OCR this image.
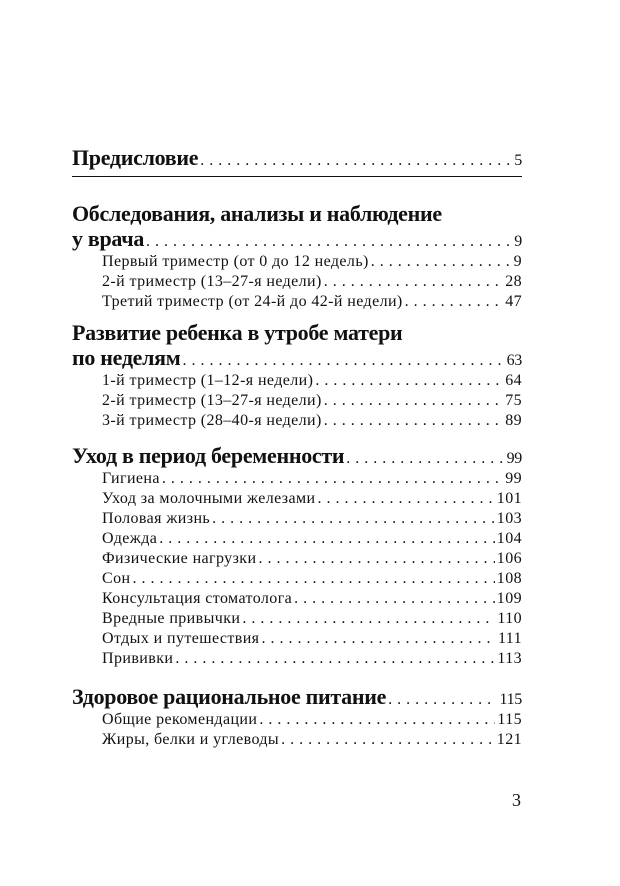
Предисловие . . .	5
Обследования, анализы и наблюдение
у врача . . .	9
Первый триместр (от 0 до 12 недель) . . .	9
2-й триместр (13–27-я недели) . . .	28
Третий триместр (от 24-й до 42-й недели) . . .	47
Развитие ребенка в утробе матери
по неделям . . .	63
1-й триместр (1–12-я недели) . . .	64
2-й триместр (13–27-я недели) . . .	75
3-й триместр (28–40-я недели) . . .	89
Уход в период беременности . . .	99
Гигиена . . .	99
Уход за молочными железами . . .	101
Половая жизнь . . .	103
Одежда . . .	104
Физические нагрузки . . .	106
Сон . . .	108
Консультация стоматолога . . .	109
Вредные привычки . . .	110
Отдых и путешествия . . .	111
Прививки . . .	113
Здоровое рациональное питание . . .	115
Общие рекомендации . . .	115
Жиры, белки и углеводы . . .	121
3
